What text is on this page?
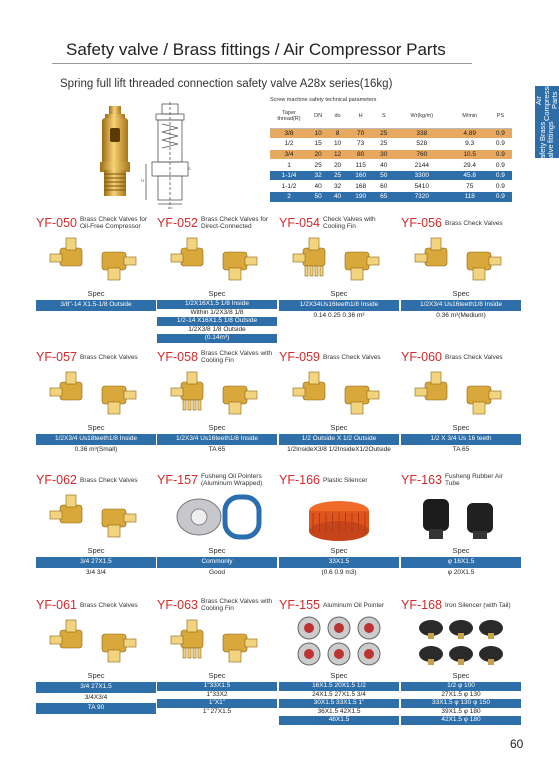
Safety valve / Brass fittings / Air Compressor Parts
Spring full lift threaded connection safety valve A28x series(16kg)
Safety valve
Brass fittings
Air Compressor Parts
H
do
S
Screw machine safety technical parameters
Taper thread(R)	DN	do	H	S	Wr(kg/m)	M/min	PS
3/8	10	8	70	25	338	4.89	0.9
1/2	15	10	73	25	528	9.3	0.9
3/4	20	12	80	30	760	10.5	0.9
1	25	20	115	40	2144	29.4	0.9
1-1/4	32	25	160	50	3300	45.8	0.9
1-1/2	40	32	168	60	5410	75	0.9
2	50	40	190	65	7320	118	0.9
YF-050 Brass Check Valves for Oil-Free Compressor
Spec
3/8"-14 X1.5-1/8 Outside
YF-052 Brass Check Valves for Direct-Connected
Spec
1/2X16X1.5 1/8 Inside
Within 1/2X3/8 1/8
1/2-14 X16X1.5 1/8 Outside
1/2X3/8 1/8 Outside
(0.14m³)
YF-054 Check Valves with Cooling Fin
Spec
1/2X34Us16teeth1/8 Inside
0.14 0.25 0.36 m³
YF-056 Brass Check Valves
Spec
1/2X3/4 Us16teeth1/8 Inside
0.36 m³(Medium)
YF-057 Brass Check Valves
Spec
1/2X3/4 Us18teeth1/8 Inside
0.36 m³(Small)
YF-058 Brass Check Valves with Cooling Fin
Spec
1/2X3/4 Us16teeth1/8 Inside
TA 65
YF-059 Brass Check Valves
Spec
1/2 Outside X 1/2 Outside
1/2InsideX3/8 1/2InsideX1/2Outside
YF-060 Brass Check Valves
Spec
1/2 X 3/4 Us 16 teeth
TA 65
YF-062 Brass Check Valves
Spec
3/4 27X1.5
3/4 3/4
YF-157 Fusheng Oil Pointers (Aluminum Wrapped)
Spec
Commonly
Good
YF-166 Plastic Silencer
Spec
33X1.5
(0.6 0.9 m3)
YF-163 Fusheng Rubber Air Tube
Spec
φ 16X1.5
φ 20X1.5
YF-061 Brass Check Valves
Spec
3/4 27X1.5
3/4X3/4
TA 90
YF-063 Brass Check Valves with Cooling Fin
Spec
1"33X1.5
1"33X2
1"X1"
1" 27X1.5
YF-155 Aluminum Oil Pointer
Spec
16X1.5 20X1.5 1/2
24X1.5 27X1.5 3/4
30X1.5 33X1.5 1"
36X1.5 42X1.5
48X1.5
YF-168 Iron Silencer (with Tail)
Spec
1/2 φ 100
27X1.5 φ 130
33X1.5 φ 130 φ 150
39X1.5 φ 180
42X1.5 φ 180
60
